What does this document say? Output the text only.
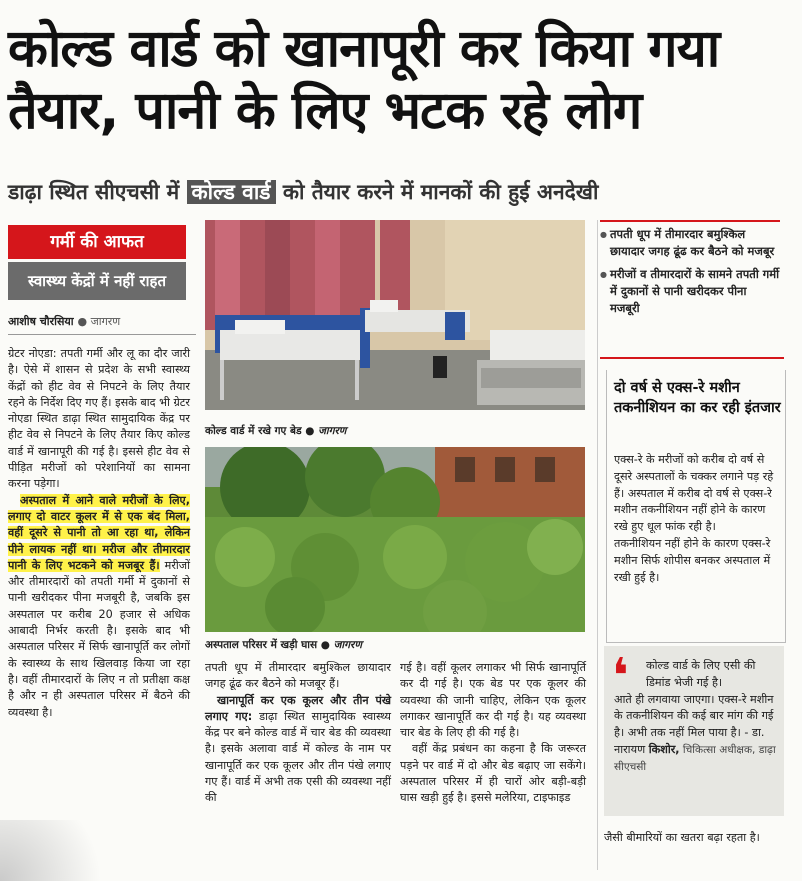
कोल्ड वार्ड को खानापूरी कर किया गया
तैयार, पानी के लिए भटक रहे लोग
डाढ़ा स्थित सीएचसी में कोल्ड वार्ड को तैयार करने में मानकों की हुई अनदेखी
गर्मी की आफत
स्वास्थ्य केंद्रों में नहीं राहत
आशीष चौरसिया ● जागरण

ग्रेटर नोएडा: तपती गर्मी और लू का दौर जारी है। ऐसे में शासन से प्रदेश के सभी स्वास्थ्य केंद्रों को हीट वेव से निपटने के लिए तैयार रहने के निर्देश दिए गए हैं। इसके बाद भी ग्रेटर नोएडा स्थित डाढ़ा स्थित सामुदायिक केंद्र पर हीट वेव से निपटने के लिए तैयार किए कोल्ड वार्ड में खानापूरी की गई है। इससे हीट वेव से पीड़ित मरीजों को परेशानियों का सामना करना पड़ेगा।

अस्पताल में आने वाले मरीजों के लिए, लगाए दो वाटर कूलर में से एक बंद मिला, वहीं दूसरे से पानी तो आ रहा था, लेकिन पीने लायक नहीं था। मरीज और तीमारदार पानी के लिए भटकने को मजबूर हैं। मरीजों और तीमारदारों को तपती गर्मी में दुकानों से पानी खरीदकर पीना मजबूरी है, जबकि इस अस्पताल पर करीब 20 हजार से अधिक आबादी निर्भर करती है। इसके बाद भी अस्पताल परिसर में सिर्फ खानापूर्ति कर लोगों के स्वास्थ्य के साथ खिलवाड़ किया जा रहा है। वहीं तीमारदारों के लिए न तो प्रतीक्षा कक्ष है और न ही अस्पताल परिसर में बैठने की व्यवस्था है।

कोल्ड वार्ड में रखे गए बेड ● जागरण
अस्पताल परिसर में खड़ी घास ● जागरण

तपती धूप में तीमारदार बमुश्किल छायादार जगह ढूंढ कर बैठने को मजबूर हैं।

खानापूर्ति कर एक कूलर और तीन पंखे लगाए गए: डाढ़ा स्थित सामुदायिक स्वास्थ्य केंद्र पर बने कोल्ड वार्ड में चार बेड की व्यवस्था है। इसके अलावा वार्ड में कोल्ड के नाम पर खानापूर्ति कर एक कूलर और तीन पंखे लगाए गए हैं। वार्ड में अभी तक एसी की व्यवस्था नहीं की

गई है। वहीं कूलर लगाकर भी सिर्फ खानापूर्ति कर दी गई है। एक बेड पर एक कूलर की व्यवस्था की जानी चाहिए, लेकिन एक कूलर लगाकर खानापूर्ति कर दी गई है। यह व्यवस्था चार बेड के लिए ही की गई है।

वहीं केंद्र प्रबंधन का कहना है कि जरूरत पड़ने पर वार्ड में दो और बेड बढ़ाए जा सकेंगे। अस्पताल परिसर में ही चारों ओर बड़ी-बड़ी घास खड़ी हुई है। इससे मलेरिया, टाइफाइड

● तपती धूप में तीमारदार बमुश्किल छायादार जगह ढूंढ कर बैठने को मजबूर
● मरीजों व तीमारदारों के सामने तपती गर्मी में दुकानों से पानी खरीदकर पीना मजबूरी
दो वर्ष से एक्स-रे मशीन तकनीशियन का कर रही इंतजार

एक्स-रे के मरीजों को करीब दो वर्ष से दूसरे अस्पतालों के चक्कर लगाने पड़ रहे हैं। अस्पताल में करीब दो वर्ष से एक्स-रे मशीन तकनीशियन नहीं होने के कारण रखे हुए धूल फांक रही है।

तकनीशियन नहीं होने के कारण एक्स-रे मशीन सिर्फ शोपीस बनकर अस्पताल में रखी हुई है।

❛	कोल्ड वार्ड के लिए एसी की डिमांड भेजी गई है।
आते ही लगवाया जाएगा। एक्स-रे मशीन के तकनीशियन की कई बार मांग की गई है। अभी तक नहीं मिल पाया है। - डा. नारायण किशोर, चिकित्सा अधीक्षक, डाढ़ा सीएचसी
जैसी बीमारियों का खतरा बढ़ा रहता है।
